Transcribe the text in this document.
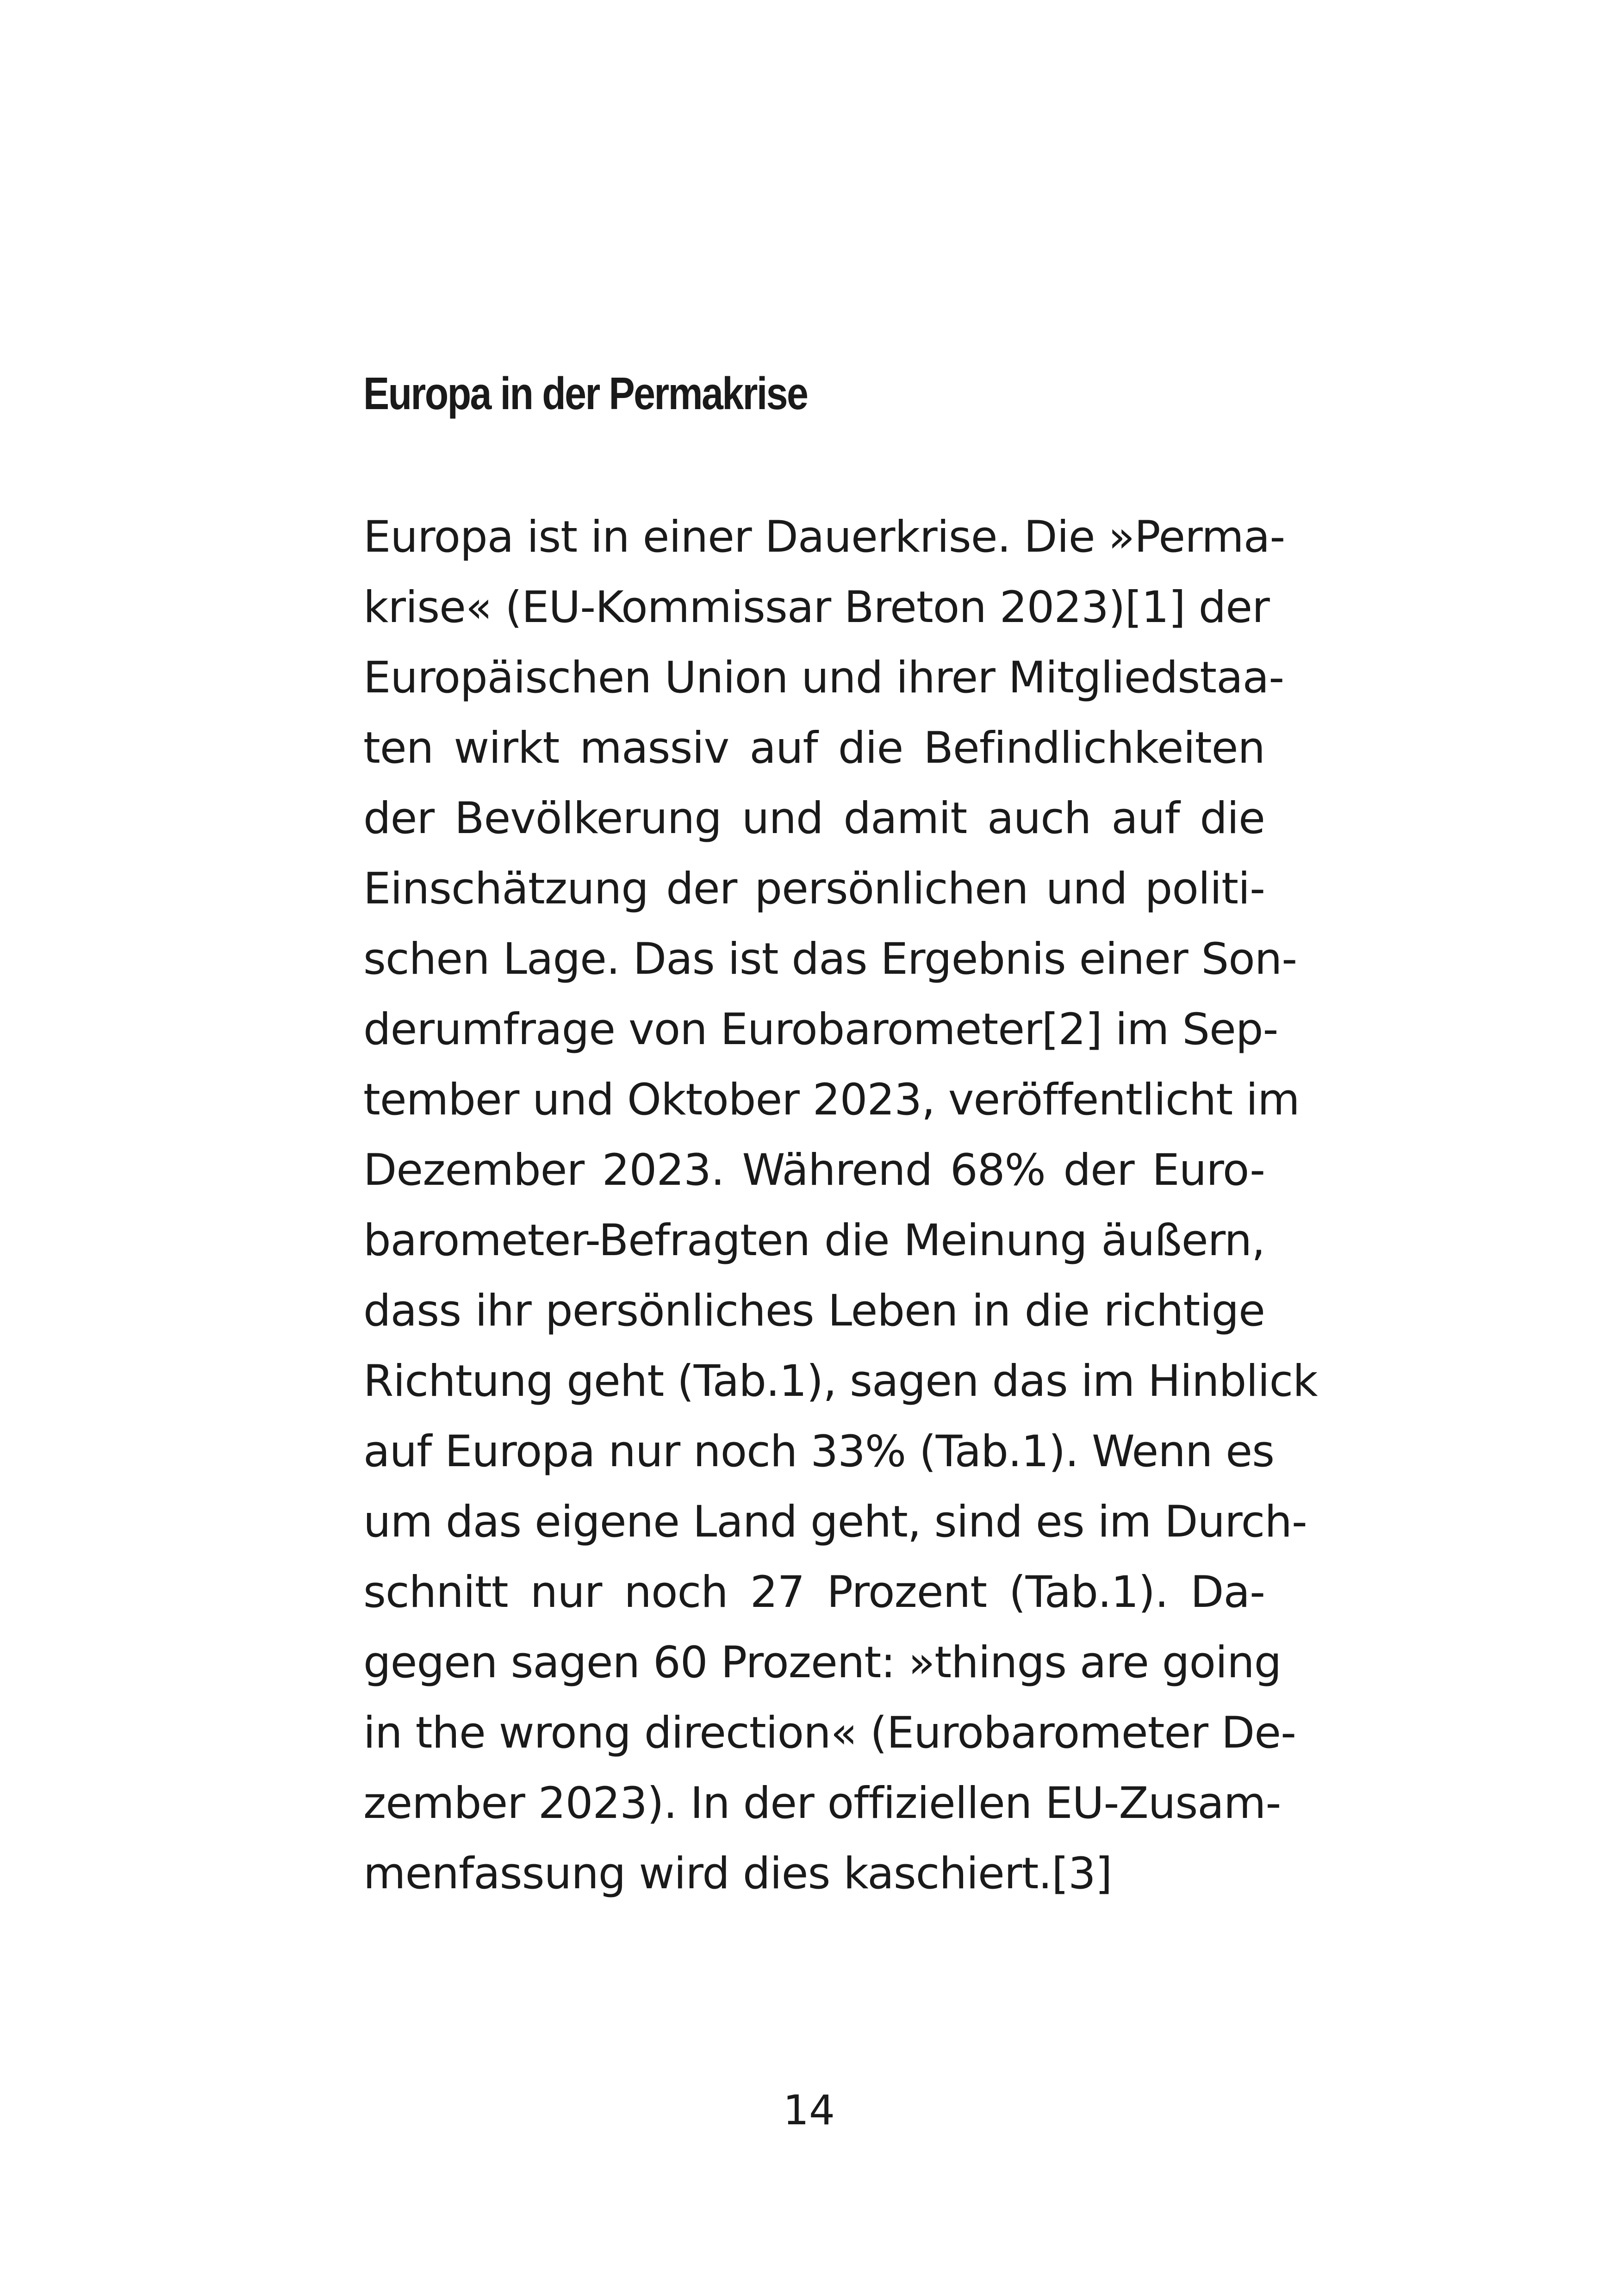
Europa in der Permakrise
Europa ist in einer Dauerkrise. Die »Perma-
krise« (EU-Kommissar Breton 2023)[1] der
Europäischen Union und ihrer Mitgliedstaa-
ten wirkt massiv auf die Befindlichkeiten
der Bevölkerung und damit auch auf die
Einschätzung der persönlichen und politi-
schen Lage. Das ist das Ergebnis einer Son-
derumfrage von Eurobarometer[2] im Sep-
tember und Oktober 2023, veröffentlicht im
Dezember 2023. Während 68% der Euro-
barometer-Befragten die Meinung äußern,
dass ihr persönliches Leben in die richtige
Richtung geht (Tab.1), sagen das im Hinblick
auf Europa nur noch 33% (Tab.1). Wenn es
um das eigene Land geht, sind es im Durch-
schnitt nur noch 27 Prozent (Tab.1). Da-
gegen sagen 60 Prozent: »things are going
in the wrong direction« (Eurobarometer De-
zember 2023). In der offiziellen EU-Zusam-
menfassung wird dies kaschiert.[3]
14
